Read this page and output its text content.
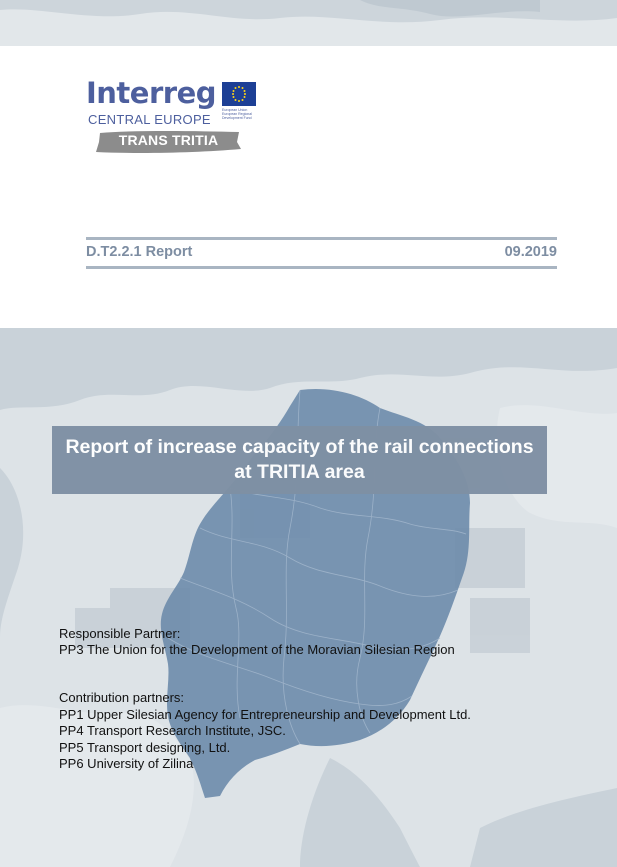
Interreg
CENTRAL EUROPE
European Union European Regional Development Fund
TRANS TRITIA
D.T2.2.1 Report	09.2019
Report of increase capacity of the rail connections
at TRITIA area
Responsible Partner:
PP3 The Union for the Development of the Moravian Silesian Region
Contribution partners:
PP1 Upper Silesian Agency for Entrepreneurship and Development Ltd.
PP4 Transport Research Institute, JSC.
PP5 Transport designing, Ltd.
PP6 University of Zilina
